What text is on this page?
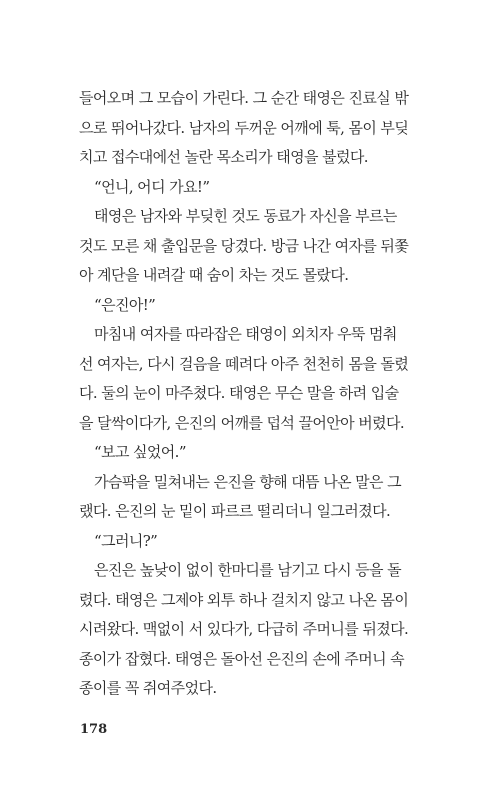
들어오며 그 모습이 가린다. 그 순간 태영은 진료실 밖
으로 뛰어나갔다. 남자의 두꺼운 어깨에 툭, 몸이 부딪
치고 접수대에선 놀란 목소리가 태영을 불렀다.
“언니, 어디 가요!”
태영은 남자와 부딪힌 것도 동료가 자신을 부르는
것도 모른 채 출입문을 당겼다. 방금 나간 여자를 뒤쫓
아 계단을 내려갈 때 숨이 차는 것도 몰랐다.
“은진아!”
마침내 여자를 따라잡은 태영이 외치자 우뚝 멈춰
선 여자는, 다시 걸음을 떼려다 아주 천천히 몸을 돌렸
다. 둘의 눈이 마주쳤다. 태영은 무슨 말을 하려 입술
을 달싹이다가, 은진의 어깨를 덥석 끌어안아 버렸다.
“보고 싶었어.”
가슴팍을 밀쳐내는 은진을 향해 대뜸 나온 말은 그
랬다. 은진의 눈 밑이 파르르 떨리더니 일그러졌다.
“그러니?”
은진은 높낮이 없이 한마디를 남기고 다시 등을 돌
렸다. 태영은 그제야 외투 하나 걸치지 않고 나온 몸이
시려왔다. 맥없이 서 있다가, 다급히 주머니를 뒤졌다.
종이가 잡혔다. 태영은 돌아선 은진의 손에 주머니 속
종이를 꼭 쥐여주었다.
178
